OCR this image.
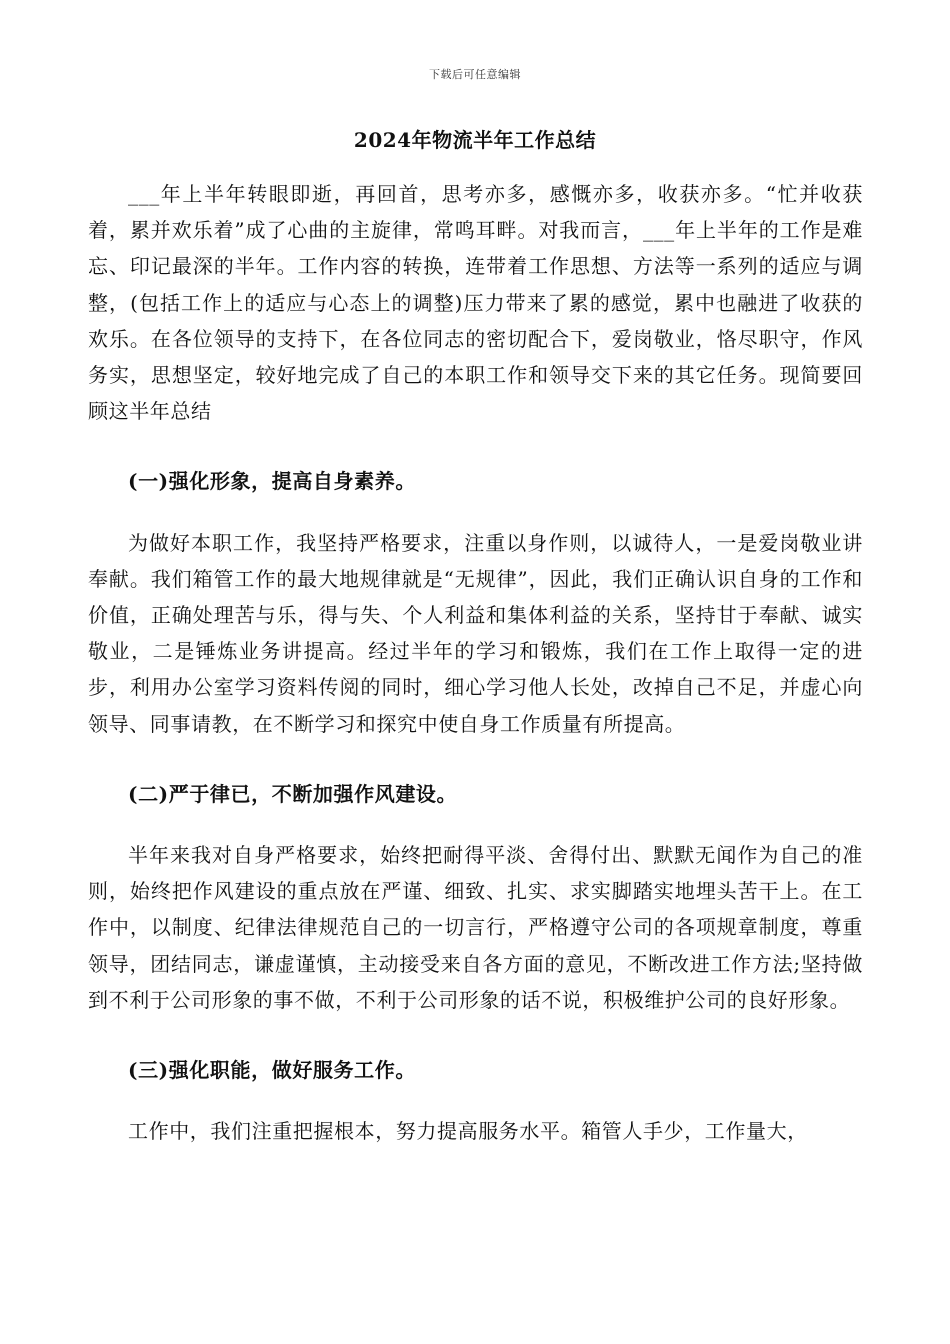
下载后可任意编辑
2024年物流半年工作总结

___年上半年转眼即逝，再回首，思考亦多，感慨亦多，收获亦多。“忙并收获着，累并欢乐着”成了心曲的主旋律，常鸣耳畔。对我而言，___年上半年的工作是难忘、印记最深的半年。工作内容的转换，连带着工作思想、方法等一系列的适应与调整，(包括工作上的适应与心态上的调整)压力带来了累的感觉，累中也融进了收获的欢乐。在各位领导的支持下，在各位同志的密切配合下，爱岗敬业，恪尽职守，作风务实，思想坚定，较好地完成了自己的本职工作和领导交下来的其它任务。现简要回顾这半年总结

(一)强化形象，提高自身素养。

为做好本职工作，我坚持严格要求，注重以身作则，以诚待人，一是爱岗敬业讲奉献。我们箱管工作的最大地规律就是“无规律”，因此，我们正确认识自身的工作和价值，正确处理苦与乐，得与失、个人利益和集体利益的关系，坚持甘于奉献、诚实敬业，二是锤炼业务讲提高。经过半年的学习和锻炼，我们在工作上取得一定的进步，利用办公室学习资料传阅的同时，细心学习他人长处，改掉自己不足，并虚心向领导、同事请教，在不断学习和探究中使自身工作质量有所提高。

(二)严于律已，不断加强作风建设。

半年来我对自身严格要求，始终把耐得平淡、舍得付出、默默无闻作为自己的准则，始终把作风建设的重点放在严谨、细致、扎实、求实脚踏实地埋头苦干上。在工作中，以制度、纪律法律规范自己的一切言行，严格遵守公司的各项规章制度，尊重领导，团结同志，谦虚谨慎，主动接受来自各方面的意见，不断改进工作方法;坚持做到不利于公司形象的事不做，不利于公司形象的话不说，积极维护公司的良好形象。

(三)强化职能，做好服务工作。

工作中，我们注重把握根本，努力提高服务水平。箱管人手少，工作量大，
